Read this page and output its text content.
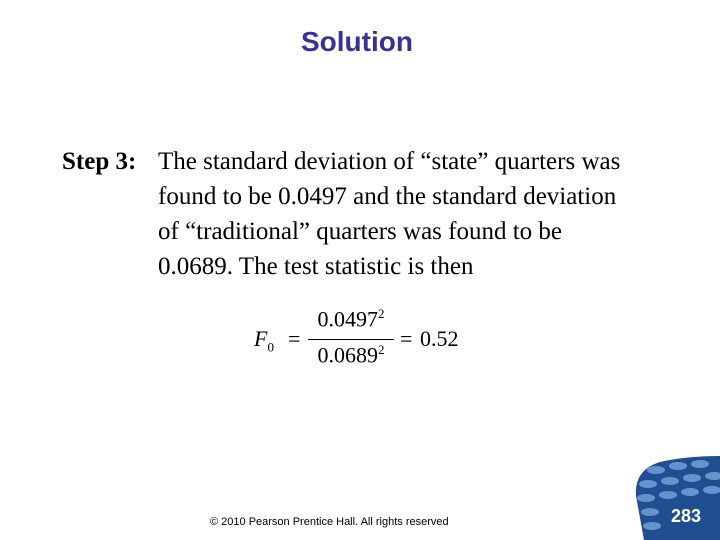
Solution
Step 3: The standard deviation of “state” quarters was
found to be 0.0497 and the standard deviation
of “traditional” quarters was found to be
0.0689. The test statistic is then
$F_0$ =
$0.0497^2$
$0.0689^2 = 0.52$
© 2010 Pearson Prentice Hall. All rights reserved	283
